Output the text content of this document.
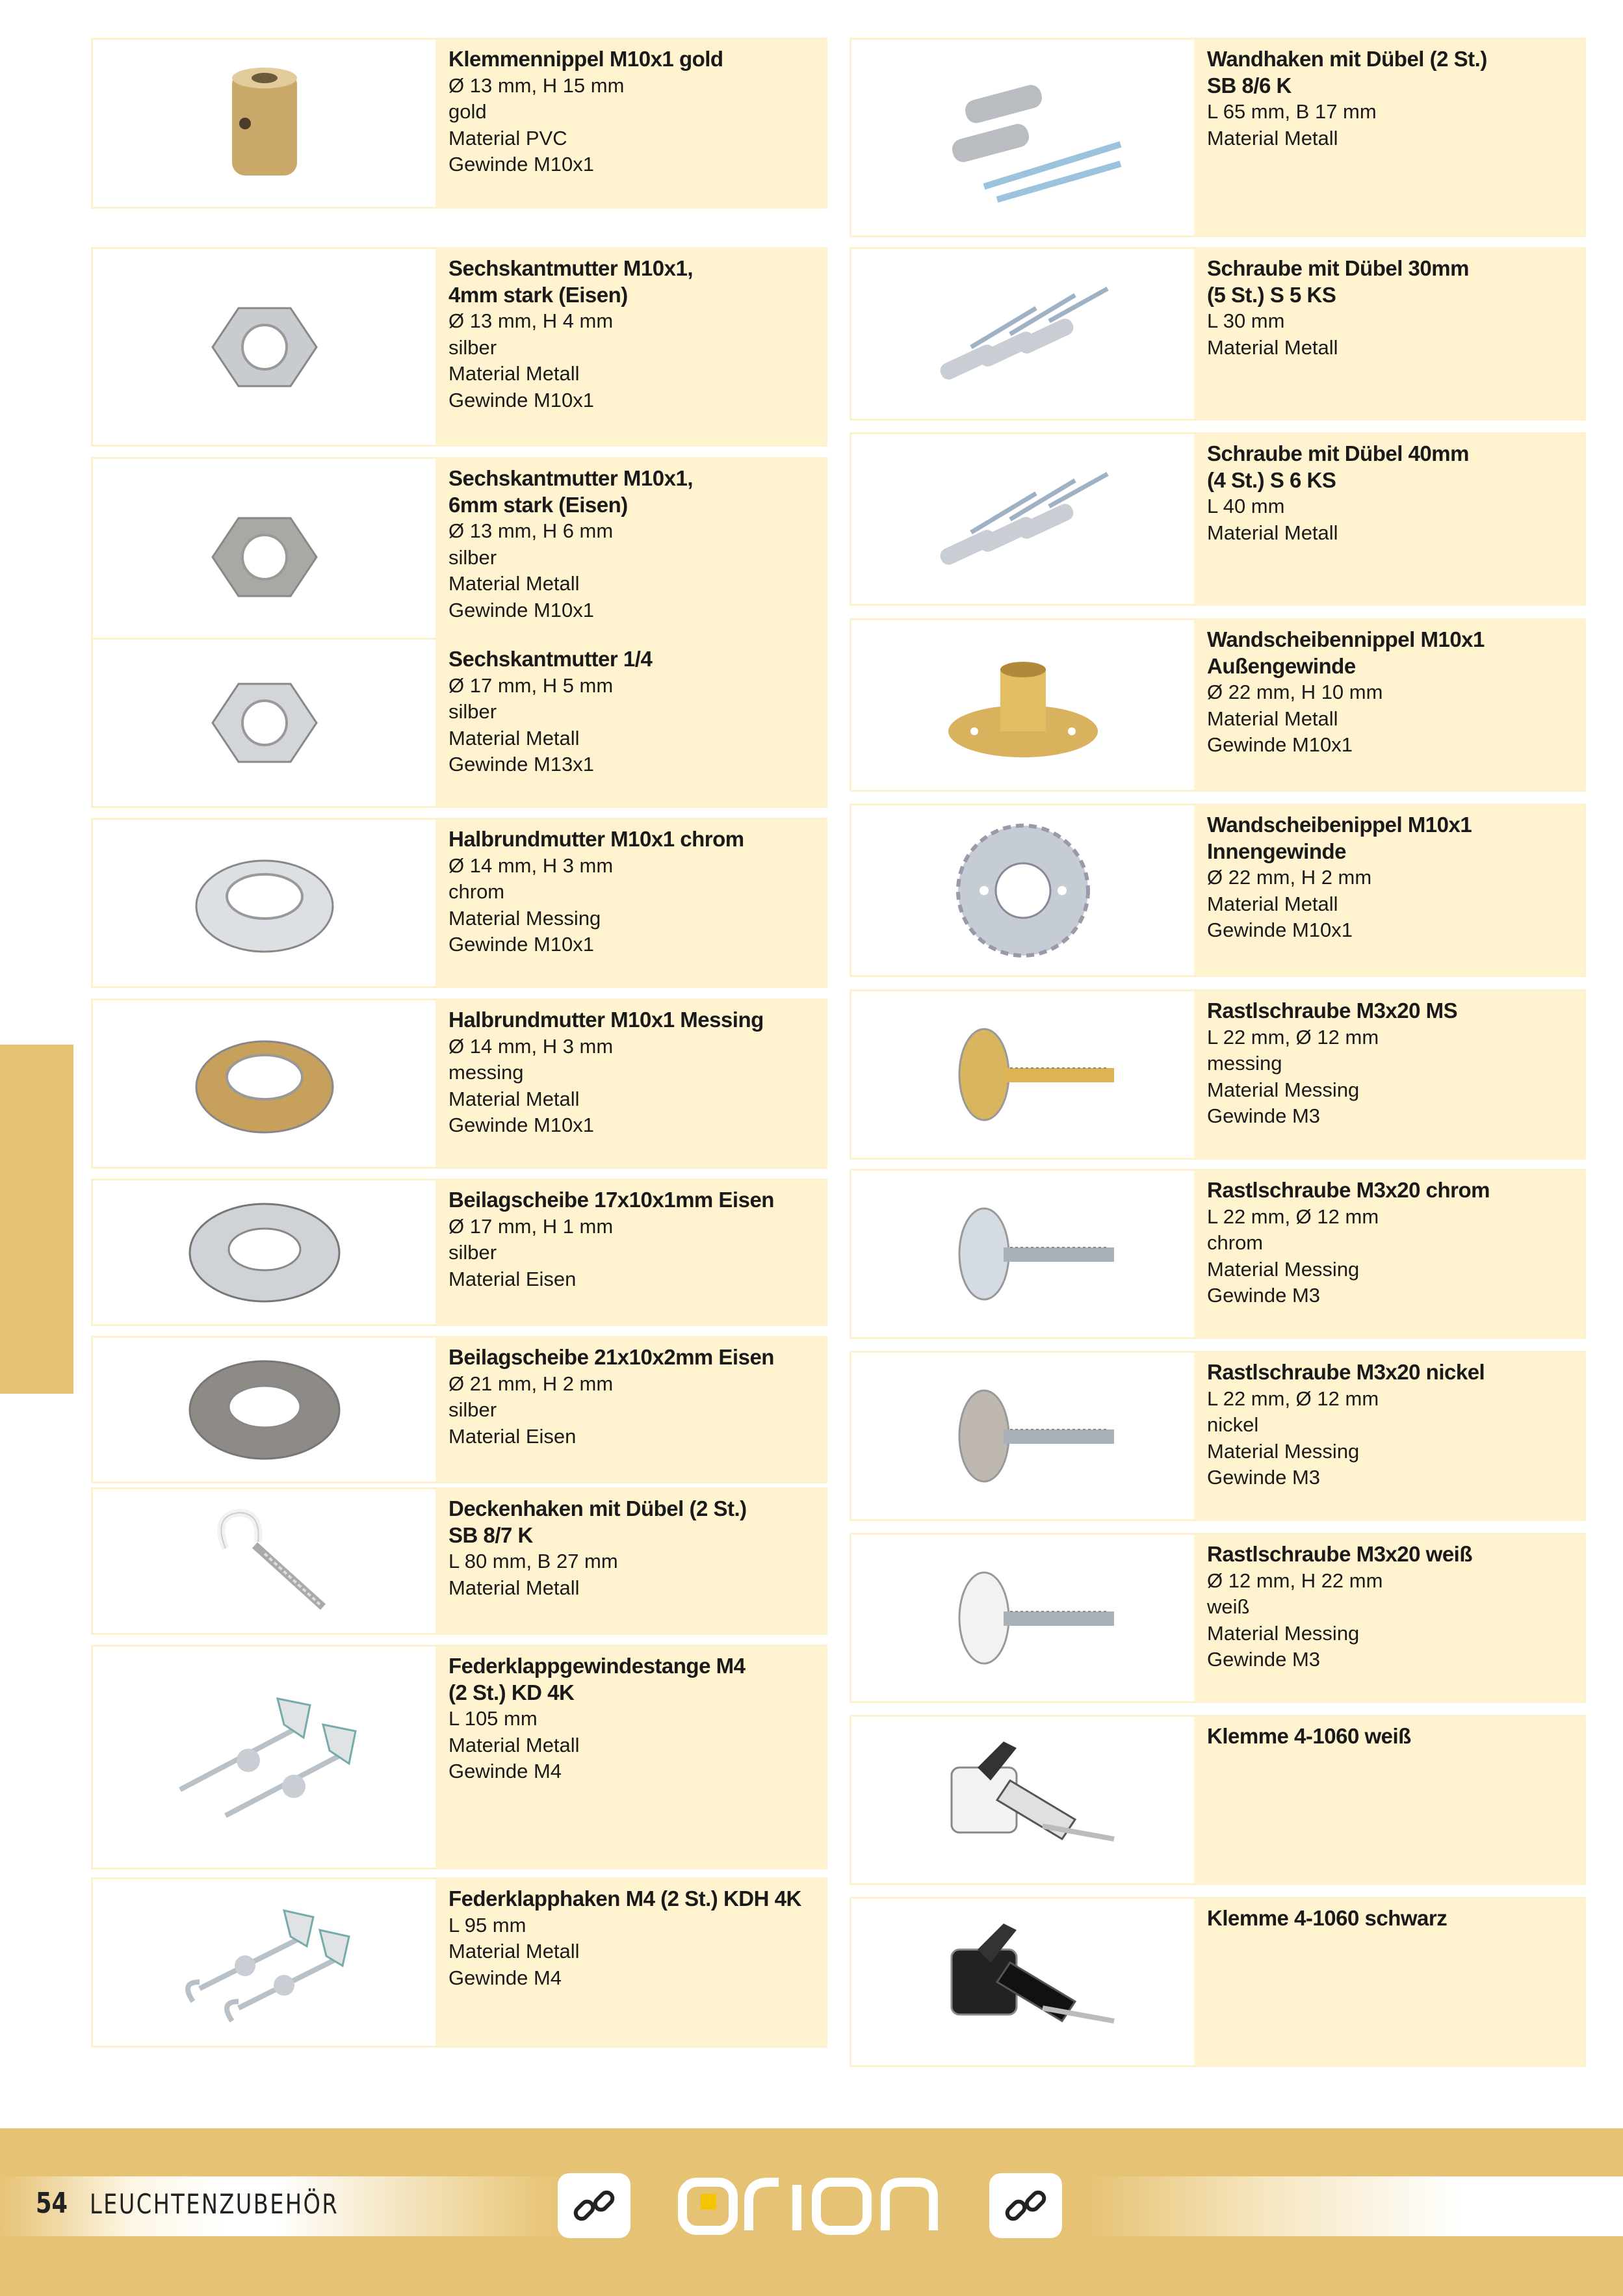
Klemmennippel M10x1 gold
Ø 13 mm, H 15 mm
gold
Material PVC
Gewinde M10x1
Sechskantmutter M10x1,
4mm stark (Eisen)
Ø 13 mm, H 4 mm
silber
Material Metall
Gewinde M10x1
Sechskantmutter M10x1,
6mm stark (Eisen)
Ø 13 mm, H 6 mm
silber
Material Metall
Gewinde M10x1
Sechskantmutter 1/4
Ø 17 mm, H 5 mm
silber
Material Metall
Gewinde M13x1
Halbrundmutter M10x1 chrom
Ø 14 mm, H 3 mm
chrom
Material Messing
Gewinde M10x1
Halbrundmutter M10x1 Messing
Ø 14 mm, H 3 mm
messing
Material Metall
Gewinde M10x1
Beilagscheibe 17x10x1mm Eisen
Ø 17 mm, H 1 mm
silber
Material Eisen
Beilagscheibe 21x10x2mm Eisen
Ø 21 mm, H 2 mm
silber
Material Eisen
Deckenhaken mit Dübel (2 St.)
SB 8/7 K
L 80 mm, B 27 mm
Material Metall
Federklappgewindestange M4
(2 St.) KD 4K
L 105 mm
Material Metall
Gewinde M4
Federklapphaken M4 (2 St.) KDH 4K
L 95 mm
Material Metall
Gewinde M4
Wandhaken mit Dübel (2 St.)
SB 8/6 K
L 65 mm, B 17 mm
Material Metall
Schraube mit Dübel 30mm
(5 St.) S 5 KS
L 30 mm
Material Metall
Schraube mit Dübel 40mm
(4 St.) S 6 KS
L 40 mm
Material Metall
Wandscheibennippel M10x1
Außengewinde
Ø 22 mm, H 10 mm
Material Metall
Gewinde M10x1
Wandscheibenippel M10x1
Innengewinde
Ø 22 mm, H 2 mm
Material Metall
Gewinde M10x1
Rastlschraube M3x20 MS
L 22 mm, Ø 12 mm
messing
Material Messing
Gewinde M3
Rastlschraube M3x20 chrom
L 22 mm, Ø 12 mm
chrom
Material Messing
Gewinde M3
Rastlschraube M3x20 nickel
L 22 mm, Ø 12 mm
nickel
Material Messing
Gewinde M3
Rastlschraube M3x20 weiß
Ø 12 mm, H 22 mm
weiß
Material Messing
Gewinde M3
Klemme 4-1060 weiß
Klemme 4-1060 schwarz
54 LEUCHTENZUBEHÖR
orion
